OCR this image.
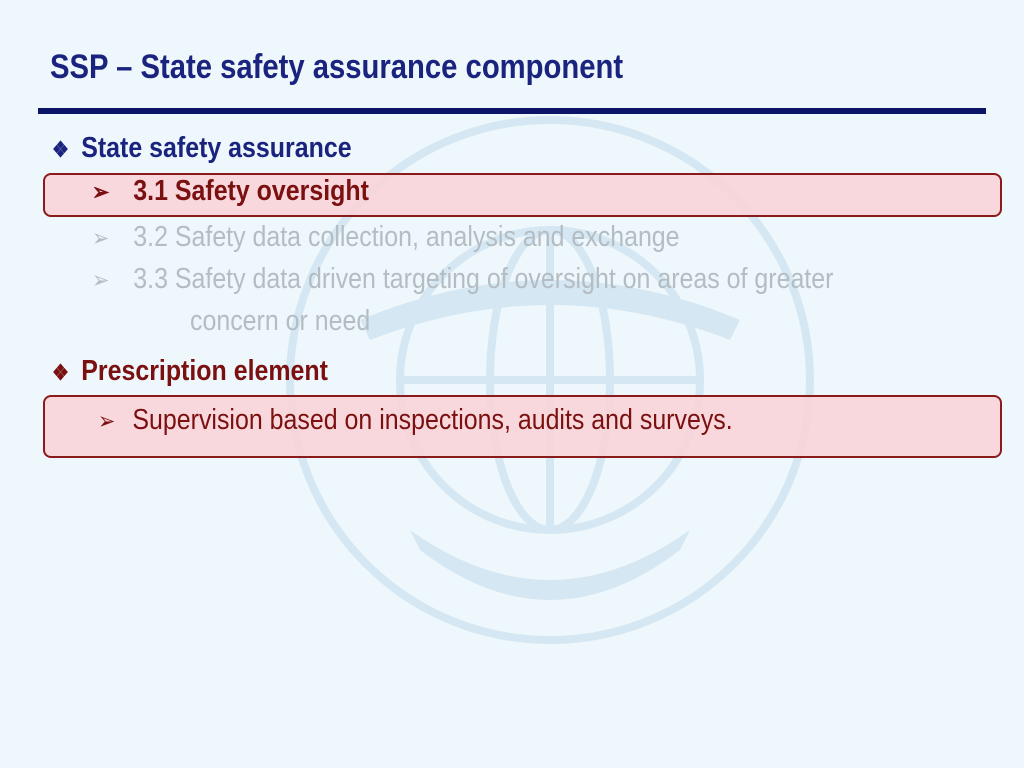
SSP – State safety assurance component
❖ State safety assurance
➢ 3.1 Safety oversight
➢ 3.2 Safety data collection, analysis and exchange
➢ 3.3 Safety data driven targeting of oversight on areas of greater
concern or need
❖ Prescription element
➢ Supervision based on inspections, audits and surveys.
